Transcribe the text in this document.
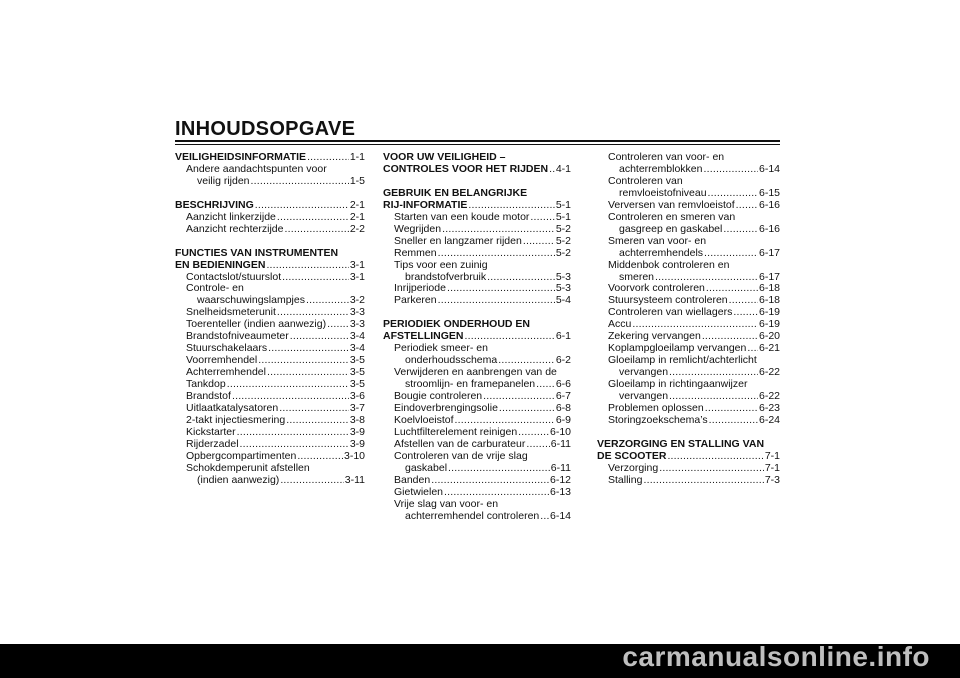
INHOUDSOPGAVE
VEILIGHEIDSINFORMATIE .....	1-1
Andere aandachtspunten voor
veilig rijden .....	1-5
BESCHRIJVING .....	2-1
Aanzicht linkerzijde .....	2-1
Aanzicht rechterzijde .....	2-2
FUNCTIES VAN INSTRUMENTEN
EN BEDIENINGEN .....	3-1
Contactslot/stuurslot .....	3-1
Controle- en
waarschuwingslampjes .....	3-2
Snelheidsmeterunit .....	3-3
Toerenteller (indien aanwezig) ..... 3-3
Brandstofniveaumeter .....	3-4
Stuurschakelaars .....	3-4
Voorremhendel .....	3-5
Achterremhendel .....	3-5
Tankdop .....	3-5
Brandstof .....	3-6
Uitlaatkatalysatoren .....	3-7
2-takt injectiesmering .....	3-8
Kickstarter .....	3-9
Rijderzadel .....	3-9
Opbergcompartimenten .....	3-10
Schokdemperunit afstellen
(indien aanwezig) .....	3-11
VOOR UW VEILIGHEID –
CONTROLES VOOR HET RIJDEN ..... 4-1
GEBRUIK EN BELANGRIJKE
RIJ-INFORMATIE .....	5-1
Starten van een koude motor .....	5-1
Wegrijden .....	5-2
Sneller en langzamer rijden .....	5-2
Remmen .....	5-2
Tips voor een zuinig
brandstofverbruik .....	5-3
Inrijperiode .....	5-3
Parkeren .....	5-4
PERIODIEK ONDERHOUD EN
AFSTELLINGEN .....	6-1
Periodiek smeer- en
onderhoudsschema .....	6-2
Verwijderen en aanbrengen van de
stroomlijn- en framepanelen ..... 6-6
Bougie controleren .....	6-7
Eindoverbrengingsolie .....	6-8
Koelvloeistof .....	6-9
Luchtfilterelement reinigen .....	6-10
Afstellen van de carburateur ..... 6-11
Controleren van de vrije slag
gaskabel .....	6-11
Banden .....	6-12
Gietwielen .....	6-13
Vrije slag van voor- en
achterremhendel controleren ..... 6-14
Controleren van voor- en
achterremblokken .....	6-14
Controleren van
remvloeistofniveau .....	6-15
Verversen van remvloeistof ..... 6-16
Controleren en smeren van
gasgreep en gaskabel .....	6-16
Smeren van voor- en
achterremhendels .....	6-17
Middenbok controleren en
smeren .....	6-17
Voorvork controleren .....	6-18
Stuursysteem controleren .....	6-18
Controleren van wiellagers .....	6-19
Accu .....	6-19
Zekering vervangen .....	6-20
Koplampgloeilamp vervangen ..... 6-21
Gloeilamp in remlicht/achterlicht
vervangen .....	6-22
Gloeilamp in richtingaanwijzer
vervangen .....	6-22
Problemen oplossen .....	6-23
Storingzoekschema’s .....	6-24
VERZORGING EN STALLING VAN
DE SCOOTER .....	7-1
Verzorging .....	7-1
Stalling .....	7-3
carmanualsonline.info
